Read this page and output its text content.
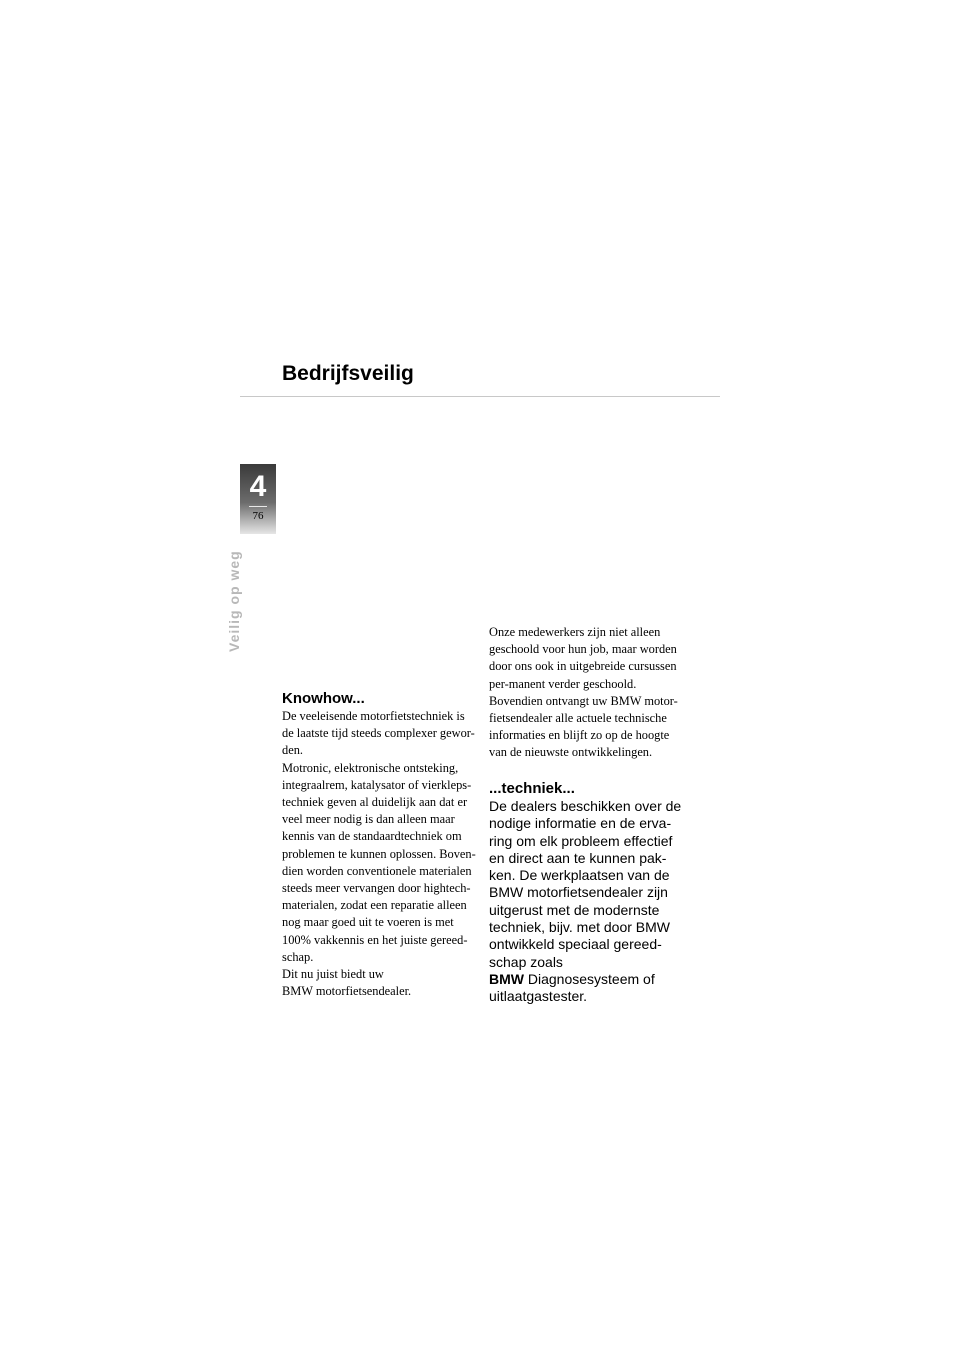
Bedrijfsveilig
4
76
Veilig op weg
Knowhow...
De veeleisende motorfietstechniek is
de laatste tijd steeds complexer gewor-
den.
Motronic, elektronische ontsteking,
integraalrem, katalysator of vierkleps-
techniek geven al duidelijk aan dat er
veel meer nodig is dan alleen maar
kennis van de standaardtechniek om
problemen te kunnen oplossen. Boven-
dien worden conventionele materialen
steeds meer vervangen door hightech-
materialen, zodat een reparatie alleen
nog maar goed uit te voeren is met
100% vakkennis en het juiste gereed-
schap.
Dit nu juist biedt uw
BMW motorfietsendealer.
Onze medewerkers zijn niet alleen
geschoold voor hun job, maar worden
door ons ook in uitgebreide cursussen
per-manent verder geschoold.
Bovendien ontvangt uw BMW motor-
fietsendealer alle actuele technische
informaties en blijft zo op de hoogte
van de nieuwste ontwikkelingen.
...techniek...
De dealers beschikken over de
nodige informatie en de erva-
ring om elk probleem effectief
en direct aan te kunnen pak-
ken. De werkplaatsen van de
BMW motorfietsendealer zijn
uitgerust met de modernste
techniek, bijv. met door BMW
ontwikkeld speciaal gereed-
schap zoals
BMW Diagnosesysteem of
uitlaatgastester.
